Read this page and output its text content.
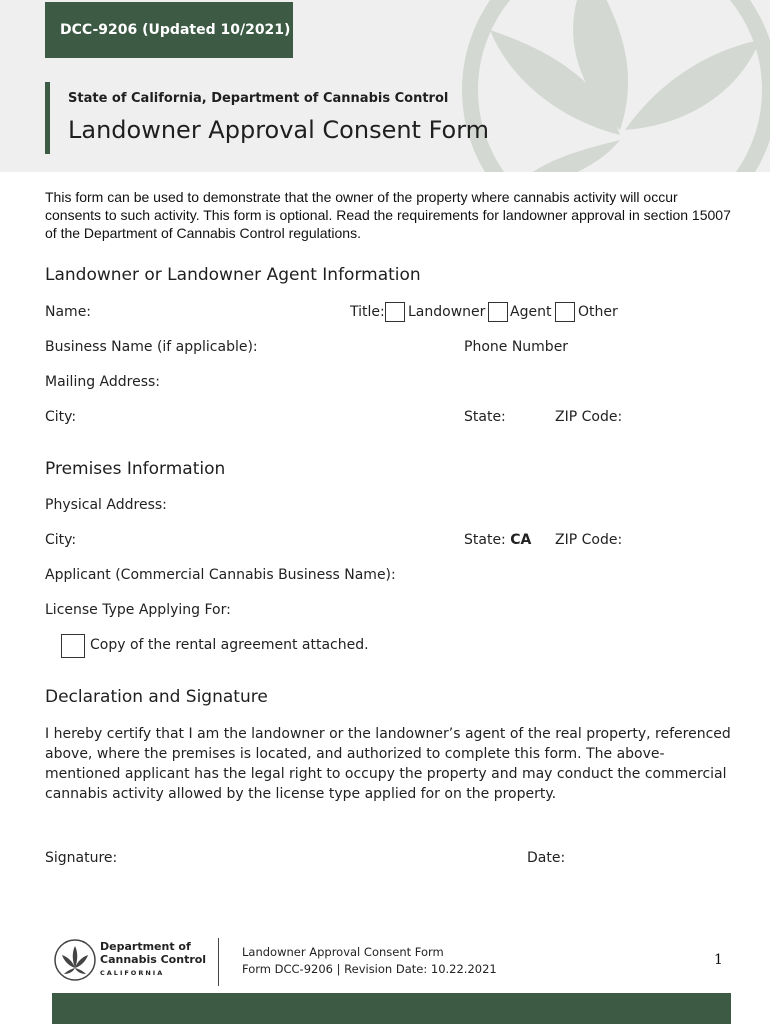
DCC-9206 (Updated 10/2021)
State of California, Department of Cannabis Control
Landowner Approval Consent Form
This form can be used to demonstrate that the owner of the property where cannabis activity will occur consents to such activity. This form is optional. Read the requirements for landowner approval in section 15007 of the Department of Cannabis Control regulations.
Landowner or Landowner Agent Information
Name:	Title: Landowner Agent Other
Business Name (if applicable):	Phone Number
Mailing Address:
City:	State:	ZIP Code:
Premises Information
Physical Address:
City:	State: CA ZIP Code:
Applicant (Commercial Cannabis Business Name):
License Type Applying For:
Copy of the rental agreement attached.
Declaration and Signature
I hereby certify that I am the landowner or the landowner’s agent of the real property, referenced above, where the premises is located, and authorized to complete this form. The above-mentioned applicant has the legal right to occupy the property and may conduct the commercial cannabis activity allowed by the license type applied for on the property.
Signature:	Date:
Department of
Cannabis Control
CALIFORNIA
Landowner Approval Consent Form
Form DCC-9206 | Revision Date: 10.22.2021
1
